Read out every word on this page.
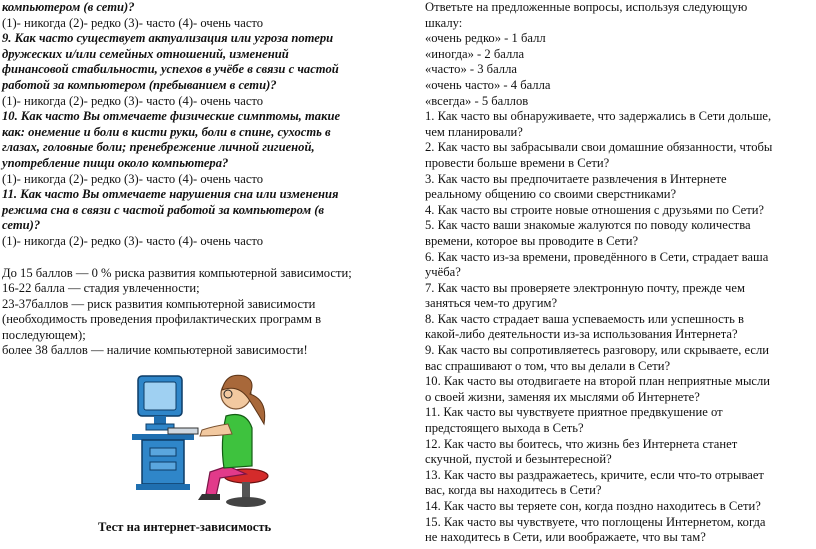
компьютером (в сети)?
(1)- никогда (2)- редко (3)- часто (4)- очень часто
9. Как часто существует актуализация или угроза потери
дружеских и/или семейных отношений, изменений
финансовой стабильности, успехов в учёбе в связи с частой
работой за компьютером (пребыванием в сети)?
(1)- никогда (2)- редко (3)- часто (4)- очень часто
10. Как часто Вы отмечаете физические симптомы, такие
как: онемение и боли в кисти руки, боли в спине, сухость в
глазах, головные боли; пренебрежение личной гигиеной,
употребление пищи около компьютера?
(1)- никогда (2)- редко (3)- часто (4)- очень часто
11. Как часто Вы отмечаете нарушения сна или изменения
режима сна в связи с частой работой за компьютером (в
сети)?
(1)- никогда (2)- редко (3)- часто (4)- очень часто
До 15 баллов — 0 % риска развития компьютерной зависимости;
16-22 балла — стадия увлеченности;
23-37баллов — риск развития компьютерной зависимости
(необходимость проведения профилактических программ в
последующем);
более 38 баллов — наличие компьютерной зависимости!
Тест на интернет-зависимость
Ответьте на предложенные вопросы, используя следующую
шкалу:
«очень редко» - 1 балл
«иногда» - 2 балла
«часто» - 3 балла
«очень часто» - 4 балла
«всегда» - 5 баллов
1. Как часто вы обнаруживаете, что задержались в Сети дольше,
чем планировали?
2. Как часто вы забрасывали свои домашние обязанности, чтобы
провести больше времени в Сети?
3. Как часто вы предпочитаете развлечения в Интернете
реальному общению со своими сверстниками?
4. Как часто вы строите новые отношения с друзьями по Сети?
5. Как часто ваши знакомые жалуются по поводу количества
времени, которое вы проводите в Сети?
6. Как часто из-за времени, проведённого в Сети, страдает ваша
учёба?
7. Как часто вы проверяете электронную почту, прежде чем
заняться чем-то другим?
8. Как часто страдает ваша успеваемость или успешность в
какой-либо деятельности из-за использования Интернета?
9. Как часто вы сопротивляетесь разговору, или скрываете, если
вас спрашивают о том, что вы делали в Сети?
10. Как часто вы отодвигаете на второй план неприятные мысли
о своей жизни, заменяя их мыслями об Интернете?
11. Как часто вы чувствуете приятное предвкушение от
предстоящего выхода в Сеть?
12. Как часто вы боитесь, что жизнь без Интернета станет
скучной, пустой и безынтересной?
13. Как часто вы раздражаетесь, кричите, если что-то отрывает
вас, когда вы находитесь в Сети?
14. Как часто вы теряете сон, когда поздно находитесь в Сети?
15. Как часто вы чувствуете, что поглощены Интернетом, когда
не находитесь в Сети, или воображаете, что вы там?
